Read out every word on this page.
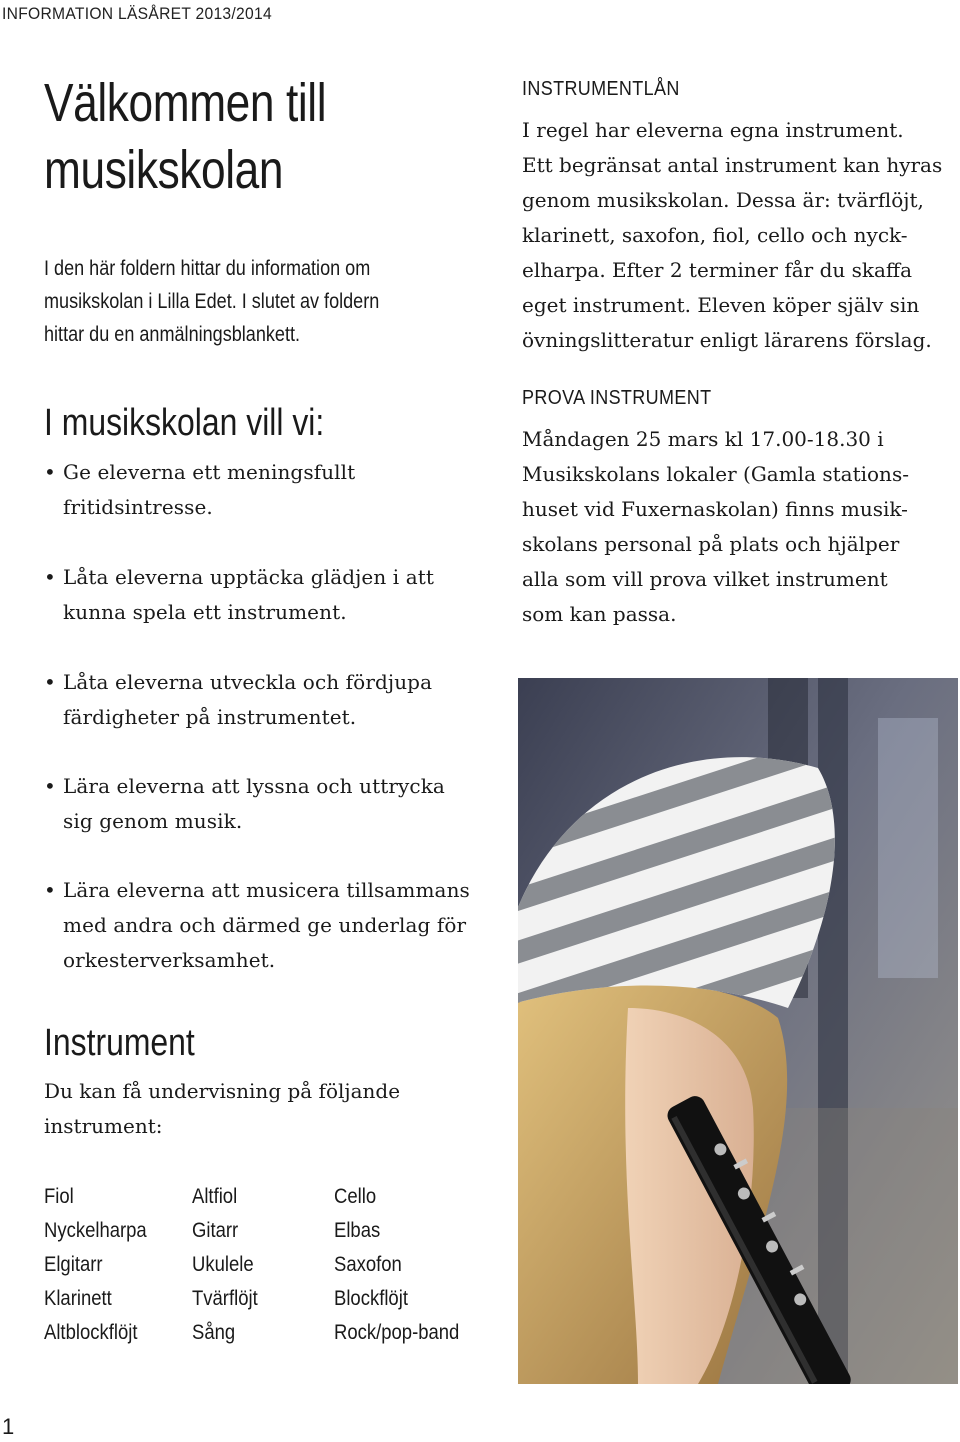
INFORMATION LÄSÅRET 2013/2014
Välkommen till
musikskolan

I den här foldern hittar du information om
musikskolan i Lilla Edet. I slutet av foldern
hittar du en anmälningsblankett.

I musikskolan vill vi:
• Ge eleverna ett meningsfullt
fritidsintresse.
• Låta eleverna upptäcka glädjen i att
kunna spela ett instrument.
• Låta eleverna utveckla och fördjupa
färdigheter på instrumentet.
• Lära eleverna att lyssna och uttrycka
sig genom musik.
• Lära eleverna att musicera tillsammans
med andra och därmed ge underlag för
orkesterverksamhet.
Instrument

Du kan få undervisning på följande
instrument:

Fiol
Nyckelharpa
Elgitarr
Klarinett
Altblockflöjt
Altfiol
Gitarr
Ukulele
Tvärflöjt
Sång
Cello
Elbas
Saxofon
Blockflöjt
Rock/pop-band
INSTRUMENTLÅN

I regel har eleverna egna instrument.
Ett begränsat antal instrument kan hyras
genom musikskolan. Dessa är: tvärflöjt,
klarinett, saxofon, fiol, cello och nyck-
elharpa. Efter 2 terminer får du skaffa
eget instrument. Eleven köper själv sin
övningslitteratur enligt lärarens förslag.

PROVA INSTRUMENT

Måndagen 25 mars kl 17.00-18.30 i
Musikskolans lokaler (Gamla stations-
huset vid Fuxernaskolan) finns musik-
skolans personal på plats och hjälper
alla som vill prova vilket instrument
som kan passa.

1
